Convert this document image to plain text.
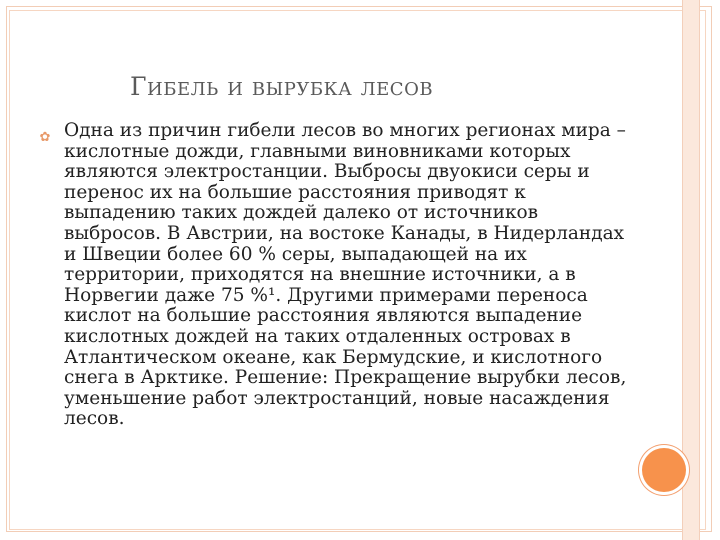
Гибель и вырубка лесов
✿ Одна из причин гибели лесов во многих регионах мира – кислотные дожди, главными виновниками которых являются электростанции. Выбросы двуокиси серы и перенос их на большие расстояния приводят к выпадению таких дождей далеко от источников выбросов. В Австрии, на востоке Канады, в Нидерландах и Швеции более 60 % серы, выпадающей на их территории, приходятся на внешние источники, а в Норвегии даже 75 %¹. Другими примерами переноса кислот на большие расстояния являются выпадение кислотных дождей на таких отдаленных островах в Атлантическом океане, как Бермудские, и кислотного снега в Арктике. Решение: Прекращение вырубки лесов, уменьшение работ электростанций, новые насаждения лесов.
